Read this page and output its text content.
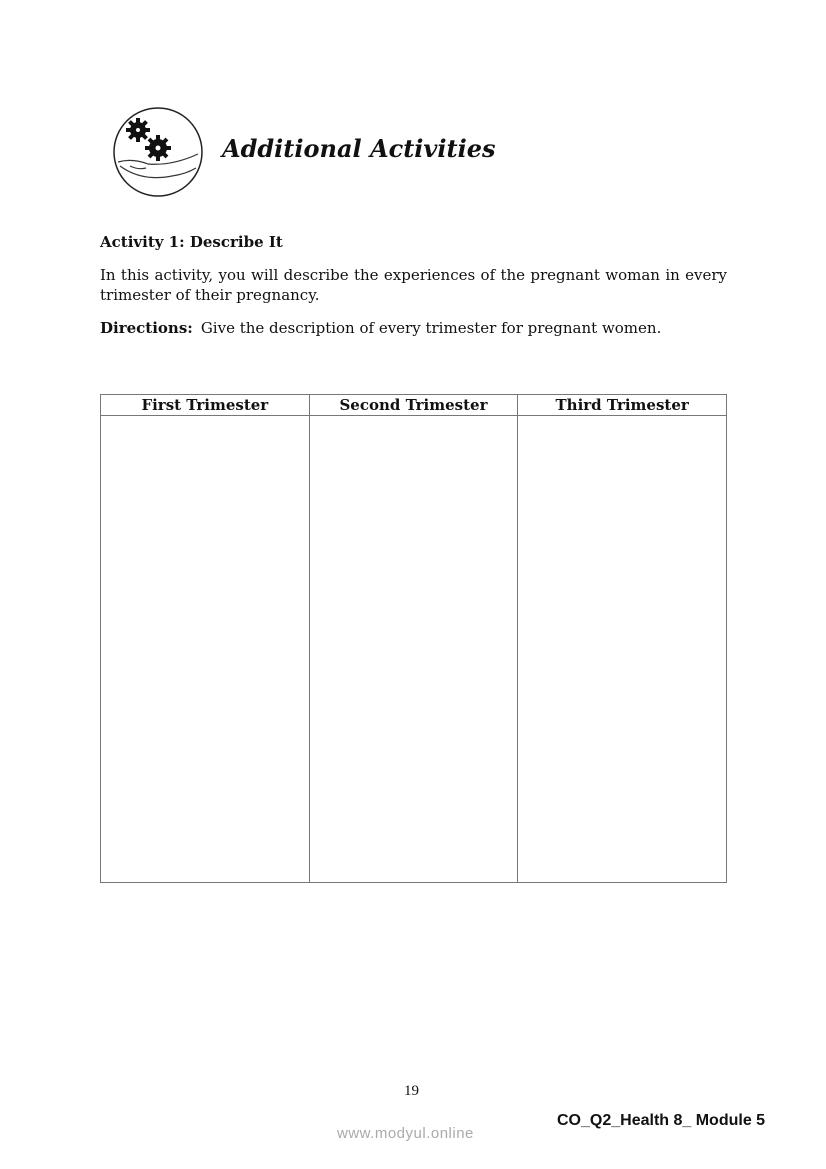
Additional Activities
Activity 1: Describe It
In this activity, you will describe the experiences of the pregnant woman in every trimester of their pregnancy.
Directions: Give the description of every trimester for pregnant women.
First Trimester	Second Trimester	Third Trimester

19
CO_Q2_Health 8_ Module 5
www.modyul.online
